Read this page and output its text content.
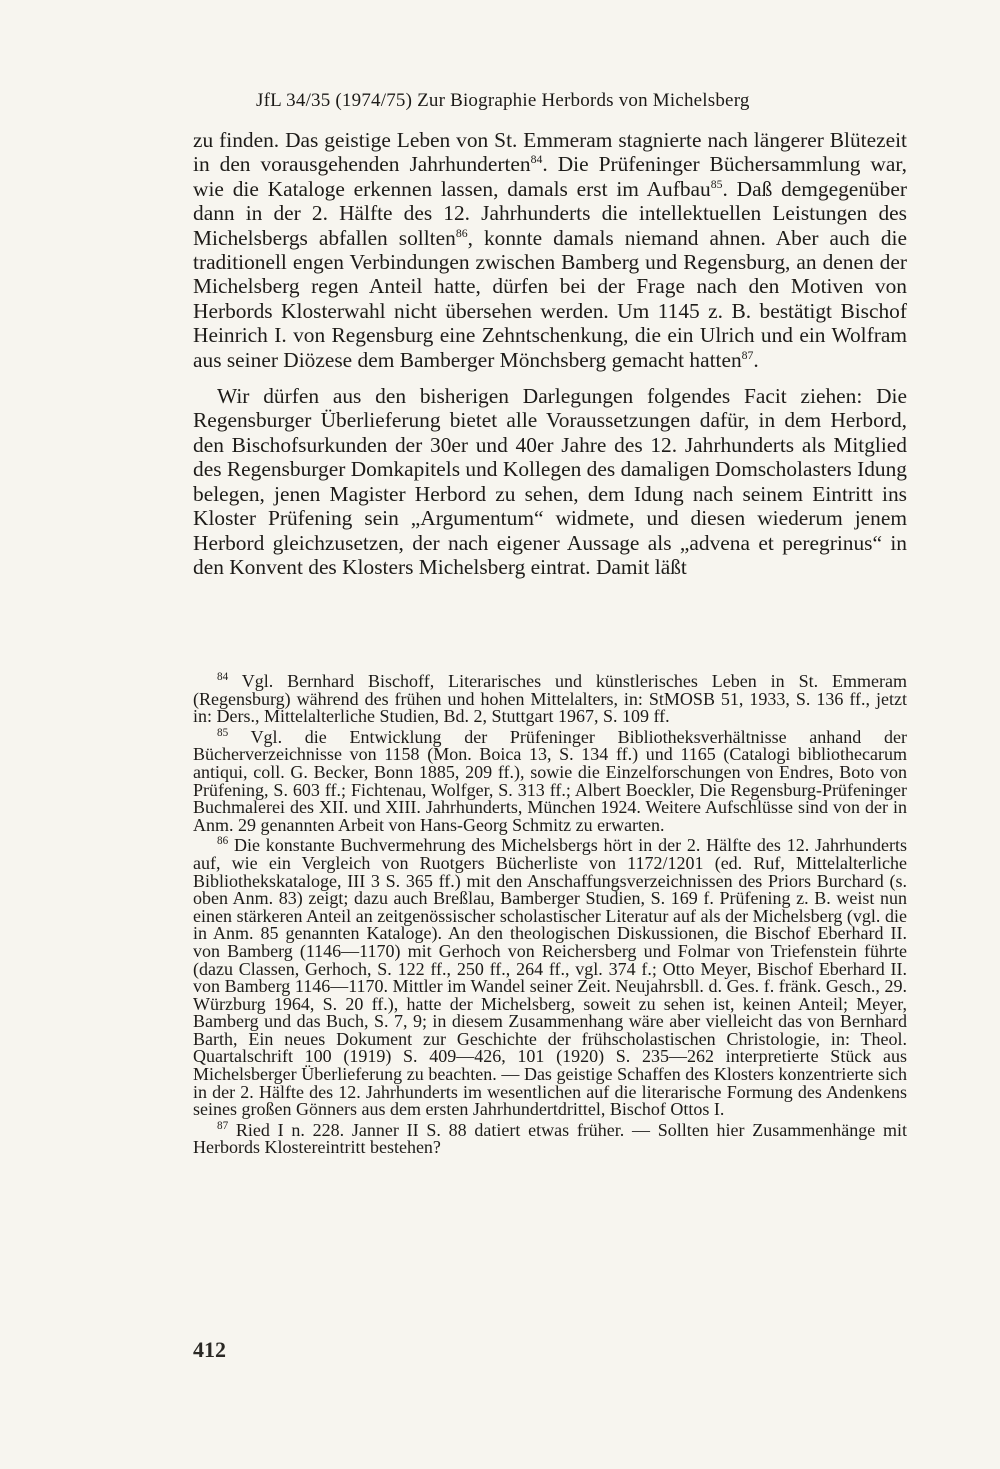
JfL 34/35 (1974/75) Zur Biographie Herbords von Michelsberg

zu finden. Das geistige Leben von St. Emmeram stagnierte nach längerer Blütezeit in den vorausgehenden Jahrhunderten$^{84}$. Die Prüfeninger Büchersammlung war, wie die Kataloge erkennen lassen, damals erst im Aufbau$^{85}$. Daß demgegenüber dann in der 2. Hälfte des 12. Jahrhunderts die intellektuellen Leistungen des Michelsbergs abfallen sollten$^{86}$, konnte damals niemand ahnen. Aber auch die traditionell engen Verbindungen zwischen Bamberg und Regensburg, an denen der Michelsberg regen Anteil hatte, dürfen bei der Frage nach den Motiven von Herbords Klosterwahl nicht übersehen werden. Um 1145 z. B. bestätigt Bischof Heinrich I. von Regensburg eine Zehntschenkung, die ein Ulrich und ein Wolfram aus seiner Diözese dem Bamberger Mönchsberg gemacht hatten$^{87}$.

Wir dürfen aus den bisherigen Darlegungen folgendes Facit ziehen: Die Regensburger Überlieferung bietet alle Voraussetzungen dafür, in dem Herbord, den Bischofsurkunden der 30er und 40er Jahre des 12. Jahrhunderts als Mitglied des Regensburger Domkapitels und Kollegen des damaligen Domscholasters Idung belegen, jenen Magister Herbord zu sehen, dem Idung nach seinem Eintritt ins Kloster Prüfening sein „Argumentum“ widmete, und diesen wiederum jenem Herbord gleichzusetzen, der nach eigener Aussage als „advena et peregrinus“ in den Konvent des Klosters Michelsberg eintrat. Damit läßt

$^{84}$ Vgl. Bernhard Bischoff, Literarisches und künstlerisches Leben in St. Emmeram (Regensburg) während des frühen und hohen Mittelalters, in: StMOSB 51, 1933, S. 136 ff., jetzt in: Ders., Mittelalterliche Studien, Bd. 2, Stuttgart 1967, S. 109 ff.

$^{85}$ Vgl. die Entwicklung der Prüfeninger Bibliotheksverhältnisse anhand der Bücherverzeichnisse von 1158 (Mon. Boica 13, S. 134 ff.) und 1165 (Catalogi bibliothecarum antiqui, coll. G. Becker, Bonn 1885, 209 ff.), sowie die Einzelforschungen von Endres, Boto von Prüfening, S. 603 ff.; Fichtenau, Wolfger, S. 313 ff.; Albert Boeckler, Die Regensburg-Prüfeninger Buchmalerei des XII. und XIII. Jahrhunderts, München 1924. Weitere Aufschlüsse sind von der in Anm. 29 genannten Arbeit von Hans-Georg Schmitz zu erwarten.

$^{86}$ Die konstante Buchvermehrung des Michelsbergs hört in der 2. Hälfte des 12. Jahrhunderts auf, wie ein Vergleich von Ruotgers Bücherliste von 1172/1201 (ed. Ruf, Mittelalterliche Bibliothekskataloge, III 3 S. 365 ff.) mit den Anschaffungsverzeichnissen des Priors Burchard (s. oben Anm. 83) zeigt; dazu auch Breßlau, Bamberger Studien, S. 169 f. Prüfening z. B. weist nun einen stärkeren Anteil an zeitgenössischer scholastischer Literatur auf als der Michelsberg (vgl. die in Anm. 85 genannten Kataloge). An den theologischen Diskussionen, die Bischof Eberhard II. von Bamberg (1146—1170) mit Gerhoch von Reichersberg und Folmar von Triefenstein führte (dazu Classen, Gerhoch, S. 122 ff., 250 ff., 264 ff., vgl. 374 f.; Otto Meyer, Bischof Eberhard II. von Bamberg 1146—1170. Mittler im Wandel seiner Zeit. Neujahrsbll. d. Ges. f. fränk. Gesch., 29. Würzburg 1964, S. 20 ff.), hatte der Michelsberg, soweit zu sehen ist, keinen Anteil; Meyer, Bamberg und das Buch, S. 7, 9; in diesem Zusammenhang wäre aber vielleicht das von Bernhard Barth, Ein neues Dokument zur Geschichte der frühscholastischen Christologie, in: Theol. Quartalschrift 100 (1919) S. 409—426, 101 (1920) S. 235—262 interpretierte Stück aus Michelsberger Überlieferung zu beachten. — Das geistige Schaffen des Klosters konzentrierte sich in der 2. Hälfte des 12. Jahrhunderts im wesentlichen auf die literarische Formung des Andenkens seines großen Gönners aus dem ersten Jahrhundertdrittel, Bischof Ottos I.

$^{87}$ Ried I n. 228. Janner II S. 88 datiert etwas früher. — Sollten hier Zusammenhänge mit Herbords Klostereintritt bestehen?

412
